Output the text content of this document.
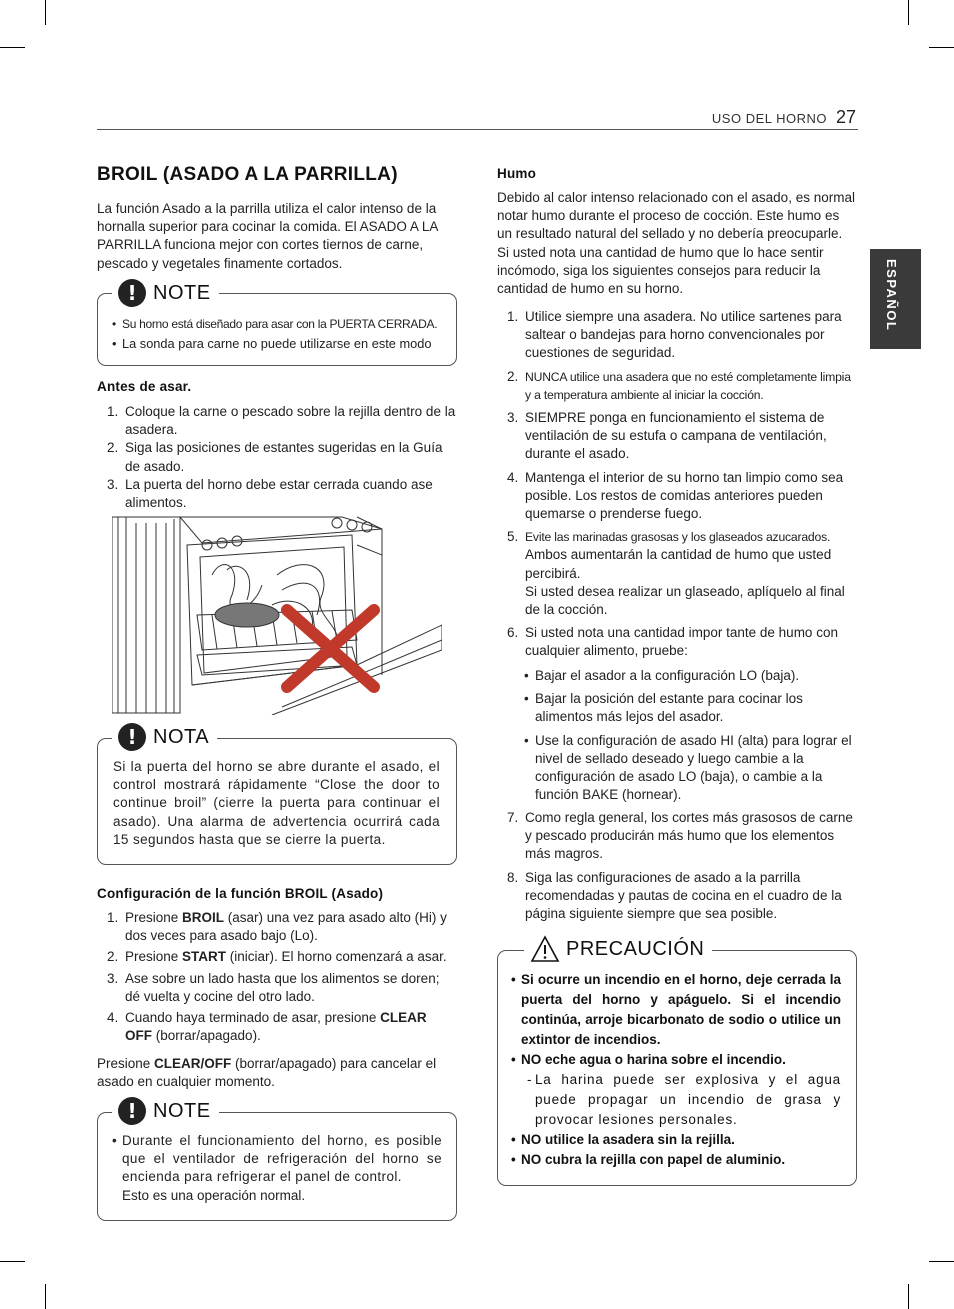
USO DEL HORNO 27
ESPAÑOL
BROIL (ASADO A LA PARRILLA)
La función Asado a la parrilla utiliza el calor intenso de la hornalla superior para cocinar la comida. El ASADO A LA PARRILLA funciona mejor con cortes tiernos de carne, pescado y vegetales finamente cortados.
! NOTE
• Su horno está diseñado para asar con la PUERTA CERRADA.
• La sonda para carne no puede utilizarse en este modo
Antes de asar.
1. Coloque la carne o pescado sobre la rejilla dentro de la asadera.
2. Siga las posiciones de estantes sugeridas en la Guía de asado.
3. La puerta del horno debe estar cerrada cuando ase alimentos.
! NOTA
Si la puerta del horno se abre durante el asado, el control mostrará rápidamente “Close the door to continue broil” (cierre la puerta para continuar el asado). Una alarma de advertencia ocurrirá cada 15 segundos hasta que se cierre la puerta.
Configuración de la función BROIL (Asado)
1. Presione BROIL (asar) una vez para asado alto (Hi) y dos veces para asado bajo (Lo).
2. Presione START (iniciar). El horno comenzará a asar.
3. Ase sobre un lado hasta que los alimentos se doren; dé vuelta y cocine del otro lado.
4. Cuando haya terminado de asar, presione CLEAR OFF (borrar/apagado).
Presione CLEAR/OFF (borrar/apagado) para cancelar el asado en cualquier momento.
! NOTE
• Durante el funcionamiento del horno, es posible que el ventilador de refrigeración del horno se encienda para refrigerar el panel de control.
Esto es una operación normal.
Humo
Debido al calor intenso relacionado con el asado, es normal notar humo durante el proceso de cocción. Este humo es un resultado natural del sellado y no debería preocuparle. Si usted nota una cantidad de humo que lo hace sentir incómodo, siga los siguientes consejos para reducir la cantidad de humo en su horno.
1. Utilice siempre una asadera. No utilice sartenes para saltear o bandejas para horno convencionales por cuestiones de seguridad.
2. NUNCA utilice una asadera que no esté completamente limpia y a temperatura ambiente al iniciar la cocción.
3. SIEMPRE ponga en funcionamiento el sistema de ventilación de su estufa o campana de ventilación, durante el asado.
4. Mantenga el interior de su horno tan limpio como sea posible. Los restos de comidas anteriores pueden quemarse o prenderse fuego.
5. Evite las marinadas grasosas y los glaseados azucarados.
Ambos aumentarán la cantidad de humo que usted percibirá.
Si usted desea realizar un glaseado, aplíquelo al final de la cocción.
6. Si usted nota una cantidad impor tante de humo con cualquier alimento, pruebe:
• Bajar el asador a la configuración LO (baja).
• Bajar la posición del estante para cocinar los alimentos más lejos del asador.
• Use la configuración de asado HI (alta) para lograr el nivel de sellado deseado y luego cambie a la configuración de asado LO (baja), o cambie a la función BAKE (hornear).
7. Como regla general, los cortes más grasosos de carne y pescado producirán más humo que los elementos más magros.
8. Siga las configuraciones de asado a la parrilla recomendadas y pautas de cocina en el cuadro de la página siguiente siempre que sea posible.
PRECAUCIÓN
• Si ocurre un incendio en el horno, deje cerrada la puerta del horno y apáguelo. Si el incendio continúa, arroje bicarbonato de sodio o utilice un extintor de incendios.
• NO eche agua o harina sobre el incendio.
- La harina puede ser explosiva y el agua puede propagar un incendio de grasa y provocar lesiones personales.
• NO utilice la asadera sin la rejilla.
• NO cubra la rejilla con papel de aluminio.
